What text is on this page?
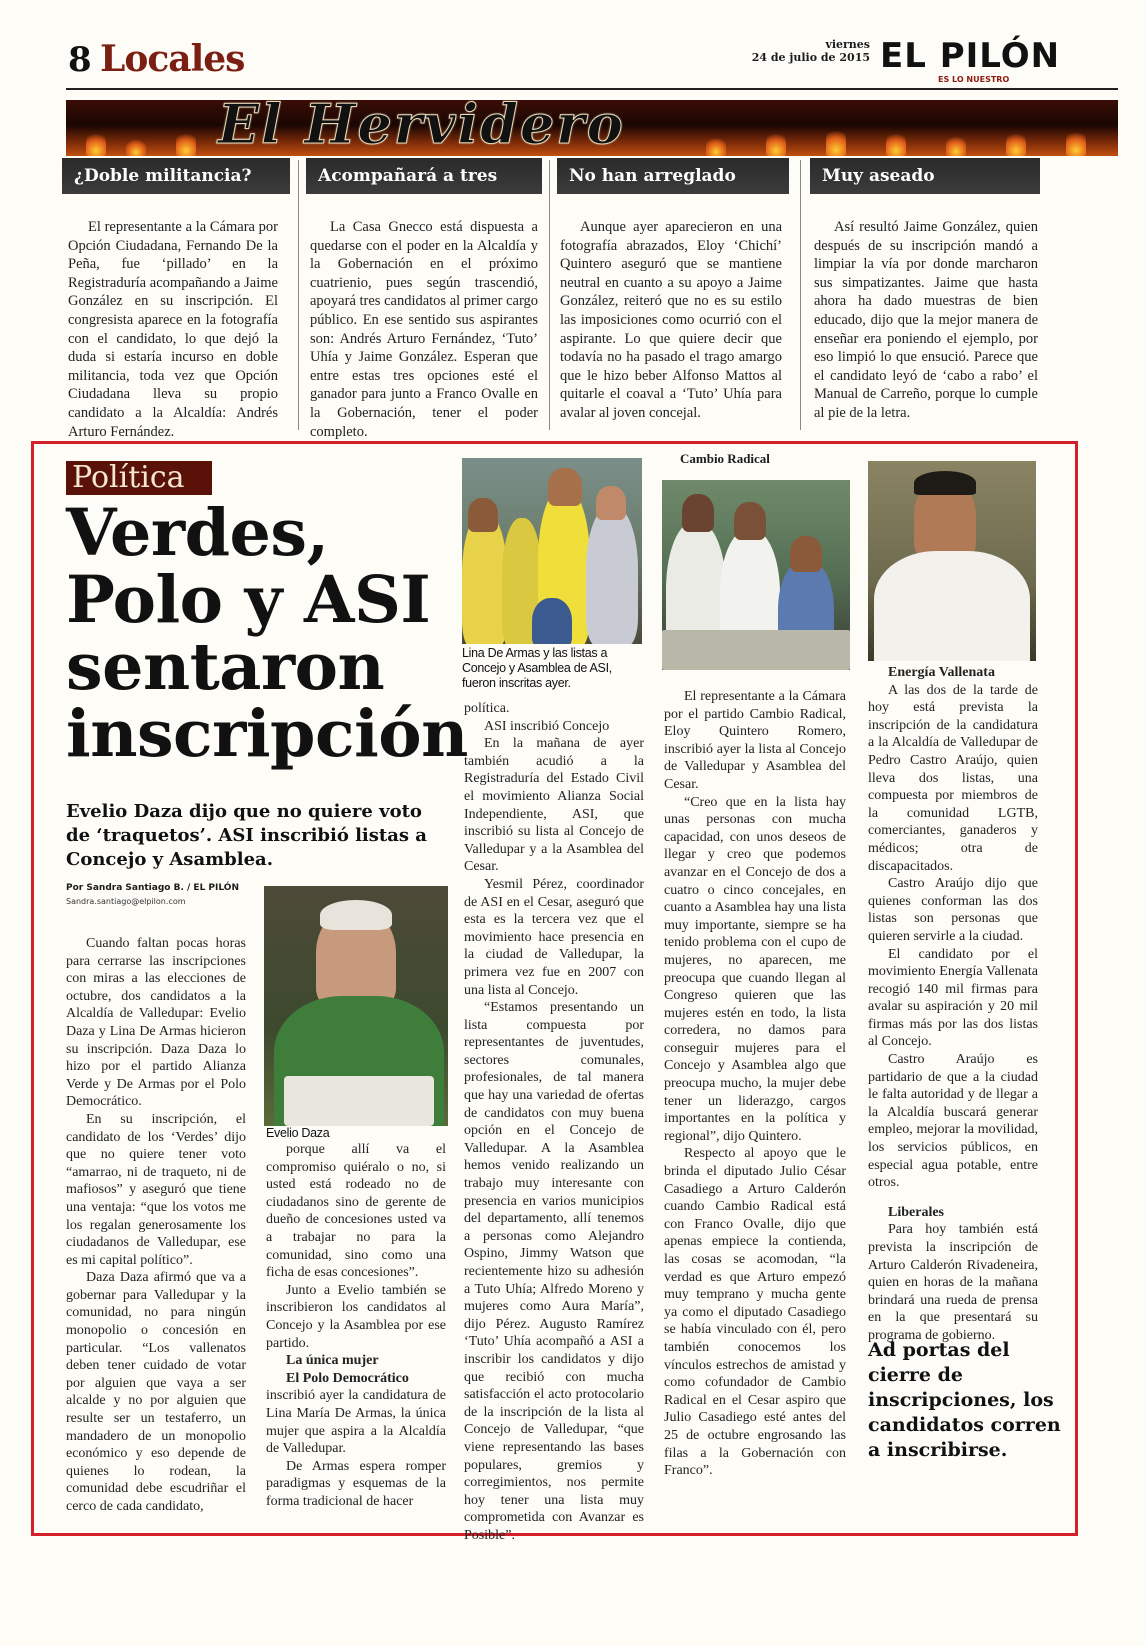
8 Locales	viernes
24 de julio de 2015 EL PILÓN
ES LO NUESTRO
El Hervidero
¿Doble militancia?	Acompañará a tres	No han arreglado	Muy aseado
El representante a la Cámara por Opción Ciudadana, Fernando De la Peña, fue ‘pillado’ en la Registraduría acompañando a Jaime González en su inscripción. El congresista aparece en la fotografía con el candidato, lo que dejó la duda si estaría incurso en doble militancia, toda vez que Opción Ciudadana lleva su propio candidato a la Alcaldía: Andrés Arturo Fernández.
La Casa Gnecco está dispuesta a quedarse con el poder en la Alcaldía y la Gobernación en el próximo cuatrienio, pues según trascendió, apoyará tres candidatos al primer cargo público. En ese sentido sus aspirantes son: Andrés Arturo Fernández, ‘Tuto’ Uhía y Jaime González. Esperan que entre estas tres opciones esté el ganador para junto a Franco Ovalle en la Gobernación, tener el poder completo.
Aunque ayer aparecieron en una fotografía abrazados, Eloy ‘Chichí’ Quintero aseguró que se mantiene neutral en cuanto a su apoyo a Jaime González, reiteró que no es su estilo las imposiciones como ocurrió con el aspirante. Lo que quiere decir que todavía no ha pasado el trago amargo que le hizo beber Alfonso Mattos al quitarle el coaval a ‘Tuto’ Uhía para avalar al joven concejal.
Así resultó Jaime González, quien después de su inscripción mandó a limpiar la vía por donde marcharon sus simpatizantes. Jaime que hasta ahora ha dado muestras de bien educado, dijo que la mejor manera de enseñar era poniendo el ejemplo, por eso limpió lo que ensució. Parece que el candidato leyó de ‘cabo a rabo’ el Manual de Carreño, porque lo cumple al pie de la letra.
Política
Verdes, Polo y ASI sentaron inscripción
Evelio Daza dijo que no quiere voto de ‘traquetos’. ASI inscribió listas a Concejo y Asamblea.
Por Sandra Santiago B. / EL PILÓN
Sandra.santiago@elpilon.com
Cuando faltan pocas horas para cerrarse las inscripciones con miras a las elecciones de octubre, dos candidatos a la Alcaldía de Valledupar: Evelio Daza y Lina De Armas hicieron su inscripción. Daza Daza lo hizo por el partido Alianza Verde y De Armas por el Polo Democrático.
En su inscripción, el candidato de los ‘Verdes’ dijo que no quiere tener voto “amarrao, ni de traqueto, ni de mafiosos” y aseguró que tiene una ventaja: “que los votos me los regalan generosamente los ciudadanos de Valledupar, ese es mi capital político”.
Daza Daza afirmó que va a gobernar para Valledupar y la comunidad, no para ningún monopolio o concesión en particular. “Los vallenatos deben tener cuidado de votar por alguien que vaya a ser alcalde y no por alguien que resulte ser un testaferro, un mandadero de un monopolio económico y eso depende de quienes lo rodean, la comunidad debe escudriñar el cerco de cada candidato,
Evelio Daza
porque allí va el compromiso quiéralo o no, si usted está rodeado no de ciudadanos sino de gerente de dueño de concesiones usted va a trabajar no para la comunidad, sino como una ficha de esas concesiones”.
Junto a Evelio también se inscribieron los candidatos al Concejo y la Asamblea por ese partido.
La única mujer
El Polo Democrático
inscribió ayer la candidatura de Lina María De Armas, la única mujer que aspira a la Alcaldía de Valledupar.
De Armas espera romper paradigmas y esquemas de la forma tradicional de hacer
Lina De Armas y las listas a Concejo y Asamblea de ASI, fueron inscritas ayer.
política.
ASI inscribió Concejo
En la mañana de ayer también acudió a la Registraduría del Estado Civil el movimiento Alianza Social Independiente, ASI, que inscribió su lista al Concejo de Valledupar y a la Asamblea del Cesar.
Yesmil Pérez, coordinador de ASI en el Cesar, aseguró que esta es la tercera vez que el movimiento hace presencia en la ciudad de Valledupar, la primera vez fue en 2007 con una lista al Concejo.
“Estamos presentando un lista compuesta por representantes de juventudes, sectores comunales, profesionales, de tal manera que hay una variedad de ofertas de candidatos con muy buena opción en el Concejo de Valledupar. A la Asamblea hemos venido realizando un trabajo muy interesante con presencia en varios municipios del departamento, allí tenemos a personas como Alejandro Ospino, Jimmy Watson que recientemente hizo su adhesión a Tuto Uhía; Alfredo Moreno y mujeres como Aura María”, dijo Pérez. Augusto Ramírez ‘Tuto’ Uhía acompañó a ASI a inscribir los candidatos y dijo que recibió con mucha satisfacción el acto protocolario de la inscripción de la lista al Concejo de Valledupar, “que viene representando las bases populares, gremios y corregimientos, nos permite hoy tener una lista muy comprometida con Avanzar es Posible”.
Cambio Radical
El representante a la Cámara por el partido Cambio Radical, Eloy Quintero Romero, inscribió ayer la lista al Concejo de Valledupar y Asamblea del Cesar.
“Creo que en la lista hay unas personas con mucha capacidad, con unos deseos de llegar y creo que podemos avanzar en el Concejo de dos a cuatro o cinco concejales, en cuanto a Asamblea hay una lista muy importante, siempre se ha tenido problema con el cupo de mujeres, no aparecen, me preocupa que cuando llegan al Congreso quieren que las mujeres estén en todo, la lista corredera, no damos para conseguir mujeres para el Concejo y Asamblea algo que preocupa mucho, la mujer debe tener un liderazgo, cargos importantes en la política y regional”, dijo Quintero.
Respecto al apoyo que le brinda el diputado Julio César Casadiego a Arturo Calderón cuando Cambio Radical está con Franco Ovalle, dijo que apenas empiece la contienda, las cosas se acomodan, “la verdad es que Arturo empezó muy temprano y mucha gente ya como el diputado Casadiego se había vinculado con él, pero también conocemos los vínculos estrechos de amistad y como cofundador de Cambio Radical en el Cesar aspiro que Julio Casadiego esté antes del 25 de octubre engrosando las filas a la Gobernación con Franco”.
Energía Vallenata
A las dos de la tarde de hoy está prevista la inscripción de la candidatura a la Alcaldía de Valledupar de Pedro Castro Araújo, quien lleva dos listas, una compuesta por miembros de la comunidad LGTB, comerciantes, ganaderos y médicos; otra de discapacitados.
Castro Araújo dijo que quienes conforman las dos listas son personas que quieren servirle a la ciudad.
El candidato por el movimiento Energía Vallenata recogió 140 mil firmas para avalar su aspiración y 20 mil firmas más por las dos listas al Concejo.
Castro Araújo es partidario de que a la ciudad le falta autoridad y de llegar a la Alcaldía buscará generar empleo, mejorar la movilidad, los servicios públicos, en especial agua potable, entre otros.
Liberales
Para hoy también está prevista la inscripción de Arturo Calderón Rivadeneira, quien en horas de la mañana brindará una rueda de prensa en la que presentará su programa de gobierno.
Ad portas del cierre de inscripciones, los candidatos corren a inscribirse.
